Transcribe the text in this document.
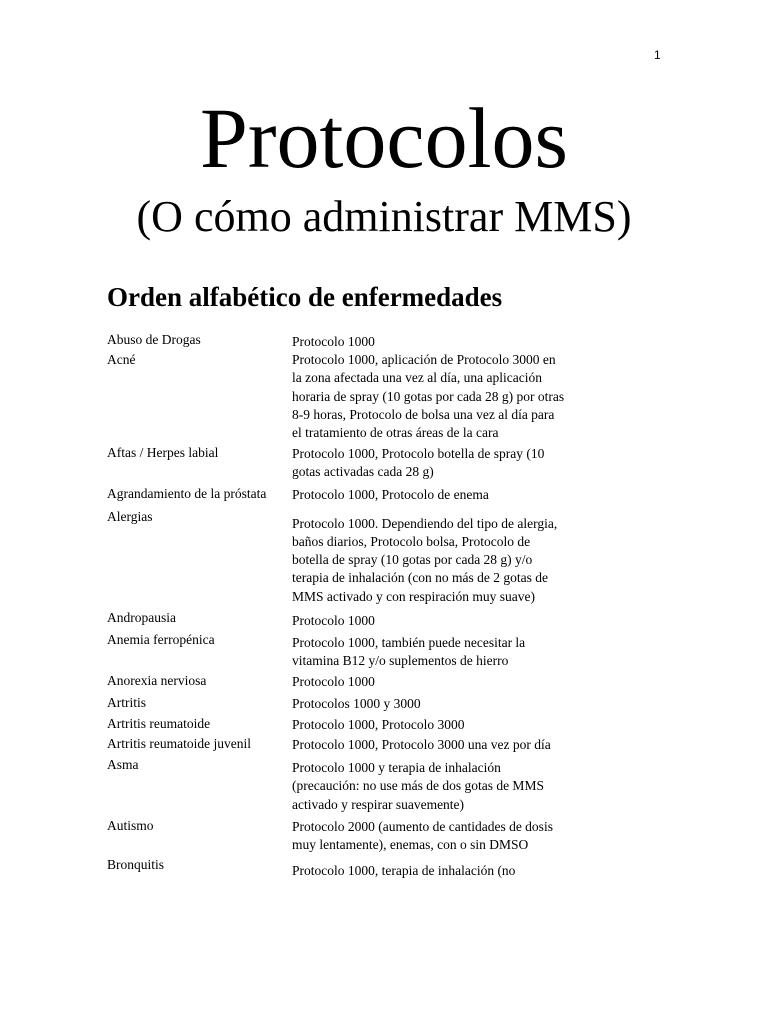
1
Protocolos
(O cómo administrar MMS)
Orden alfabético de enfermedades
Abuso de Drogas	Protocolo 1000
Acné	Protocolo 1000, aplicación de Protocolo 3000 en la zona afectada una vez al día, una aplicación horaria de spray (10 gotas por cada 28 g) por otras 8-9 horas, Protocolo de bolsa una vez al día para el tratamiento de otras áreas de la cara
Aftas / Herpes labial	Protocolo 1000, Protocolo botella de spray (10 gotas activadas cada 28 g)
Agrandamiento de la próstata	Protocolo 1000, Protocolo de enema
Alergias	Protocolo 1000. Dependiendo del tipo de alergia, baños diarios, Protocolo bolsa, Protocolo de botella de spray (10 gotas por cada 28 g) y/o terapia de inhalación (con no más de 2 gotas de MMS activado y con respiración muy suave)
Andropausia	Protocolo 1000
Anemia ferropénica	Protocolo 1000, también puede necesitar la vitamina B12 y/o suplementos de hierro
Anorexia nerviosa	Protocolo 1000
Artritis	Protocolos 1000 y 3000
Artritis reumatoide	Protocolo 1000, Protocolo 3000
Artritis reumatoide juvenil	Protocolo 1000, Protocolo 3000 una vez por día
Asma	Protocolo 1000 y terapia de inhalación (precaución: no use más de dos gotas de MMS activado y respirar suavemente)
Autismo	Protocolo 2000 (aumento de cantidades de dosis muy lentamente), enemas, con o sin DMSO
Bronquitis	Protocolo 1000, terapia de inhalación (no
